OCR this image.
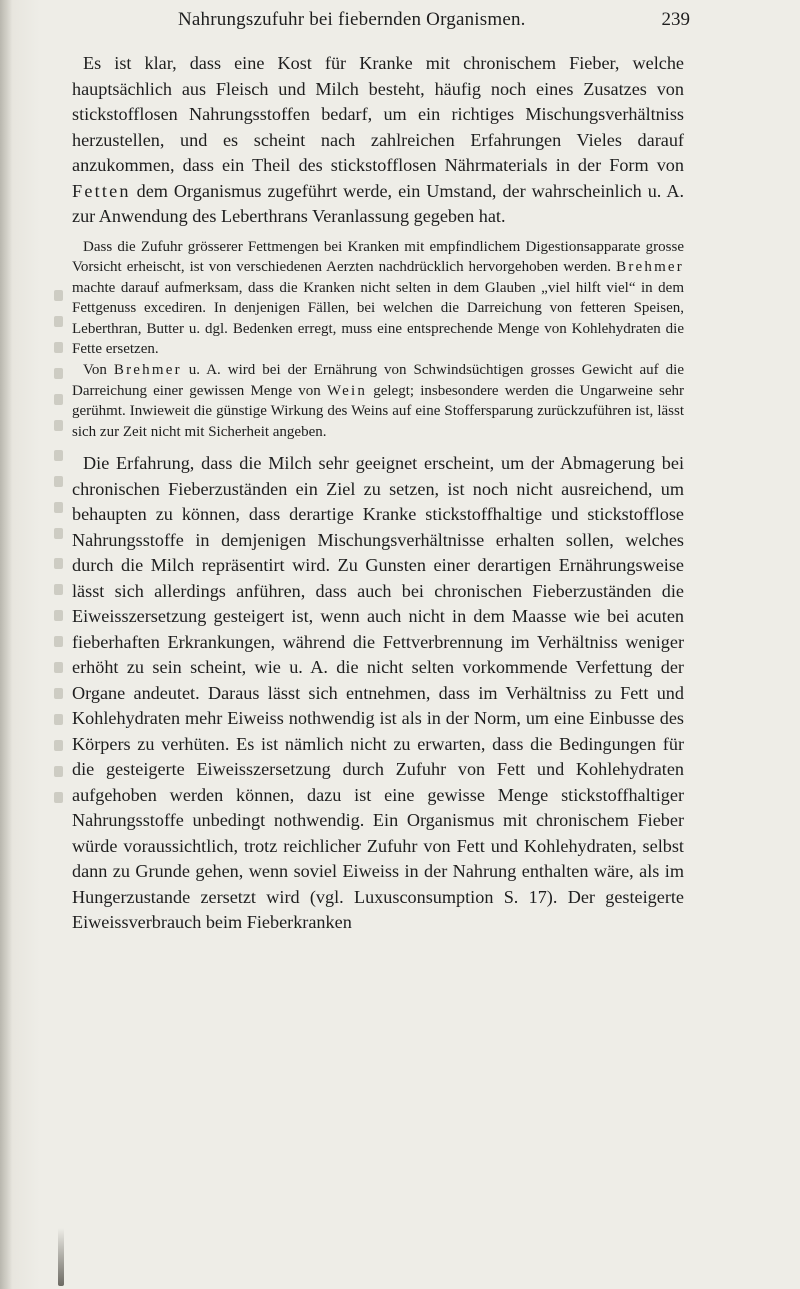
Nahrungszufuhr bei fiebernden Organismen.	239

Es ist klar, dass eine Kost für Kranke mit chronischem Fieber, welche hauptsächlich aus Fleisch und Milch besteht, häufig noch eines Zusatzes von stickstofflosen Nahrungsstoffen bedarf, um ein richtiges Mischungsverhältniss herzustellen, und es scheint nach zahlreichen Erfahrungen Vieles darauf anzukommen, dass ein Theil des stickstofflosen Nährmaterials in der Form von Fetten dem Organismus zugeführt werde, ein Umstand, der wahrscheinlich u. A. zur Anwendung des Leberthrans Veranlassung gegeben hat.

Dass die Zufuhr grösserer Fettmengen bei Kranken mit empfindlichem Digestionsapparate grosse Vorsicht erheischt, ist von verschiedenen Aerzten nachdrücklich hervorgehoben werden. Brehmer machte darauf aufmerksam, dass die Kranken nicht selten in dem Glauben „viel hilft viel“ in dem Fettgenuss excediren. In denjenigen Fällen, bei welchen die Darreichung von fetteren Speisen, Leberthran, Butter u. dgl. Bedenken erregt, muss eine entsprechende Menge von Kohlehydraten die Fette ersetzen.

Von Brehmer u. A. wird bei der Ernährung von Schwindsüchtigen grosses Gewicht auf die Darreichung einer gewissen Menge von Wein gelegt; insbesondere werden die Ungarweine sehr gerühmt. Inwieweit die günstige Wirkung des Weins auf eine Stoffersparung zurückzuführen ist, lässt sich zur Zeit nicht mit Sicherheit angeben.

Die Erfahrung, dass die Milch sehr geeignet erscheint, um der Abmagerung bei chronischen Fieberzuständen ein Ziel zu setzen, ist noch nicht ausreichend, um behaupten zu können, dass derartige Kranke stickstoffhaltige und stickstofflose Nahrungsstoffe in demjenigen Mischungsverhältnisse erhalten sollen, welches durch die Milch repräsentirt wird. Zu Gunsten einer derartigen Ernährungsweise lässt sich allerdings anführen, dass auch bei chronischen Fieberzuständen die Eiweisszersetzung gesteigert ist, wenn auch nicht in dem Maasse wie bei acuten fieberhaften Erkrankungen, während die Fettverbrennung im Verhältniss weniger erhöht zu sein scheint, wie u. A. die nicht selten vorkommende Verfettung der Organe andeutet. Daraus lässt sich entnehmen, dass im Verhältniss zu Fett und Kohlehydraten mehr Eiweiss nothwendig ist als in der Norm, um eine Einbusse des Körpers zu verhüten. Es ist nämlich nicht zu erwarten, dass die Bedingungen für die gesteigerte Eiweisszersetzung durch Zufuhr von Fett und Kohlehydraten aufgehoben werden können, dazu ist eine gewisse Menge stickstoffhaltiger Nahrungsstoffe unbedingt nothwendig. Ein Organismus mit chronischem Fieber würde voraussichtlich, trotz reichlicher Zufuhr von Fett und Kohlehydraten, selbst dann zu Grunde gehen, wenn soviel Eiweiss in der Nahrung enthalten wäre, als im Hungerzustande zersetzt wird (vgl. Luxusconsumption S. 17). Der gesteigerte Eiweissverbrauch beim Fieberkranken
